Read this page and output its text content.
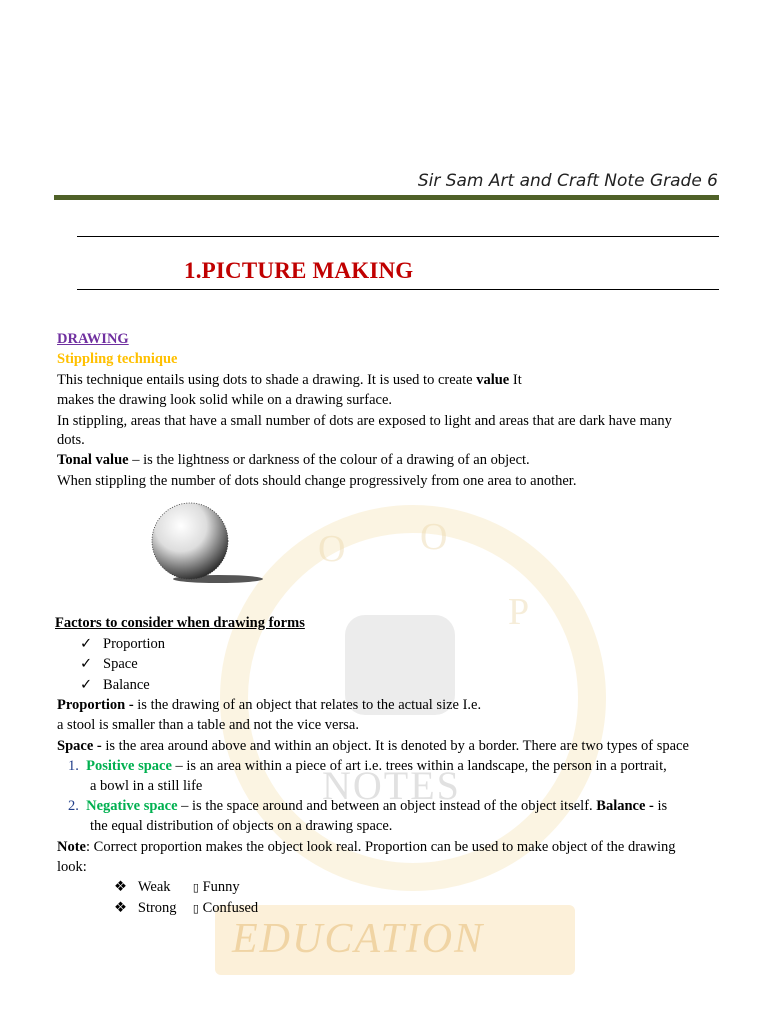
O O
P
NOTES
EDUCATION
Sir Sam Art and Craft Note Grade 6
1.PICTURE MAKING
DRAWING
Stippling technique
This technique entails using dots to shade a drawing. It is used to create value It
makes the drawing look solid while on a drawing surface.
In stippling, areas that have a small number of dots are exposed to light and areas that are dark have many
dots.
Tonal value – is the lightness or darkness of the colour of a drawing of an object.
When stippling the number of dots should change progressively from one area to another.
Factors to consider when drawing forms
✓ Proportion
✓ Space
✓ Balance
Proportion - is the drawing of an object that relates to the actual size I.e.
a stool is smaller than a table and not the vice versa.
Space - is the area around above and within an object. It is denoted by a border. There are two types of space
1. Positive space – is an area within a piece of art i.e. trees within a landscape, the person in a portrait,
a bowl in a still life
2. Negative space – is the space around and between an object instead of the object itself. Balance - is
the equal distribution of objects on a drawing space.
Note: Correct proportion makes the object look real. Proportion can be used to make object of the drawing
look:
❖ Weak ▯ Funny
❖ Strong ▯ Confused
